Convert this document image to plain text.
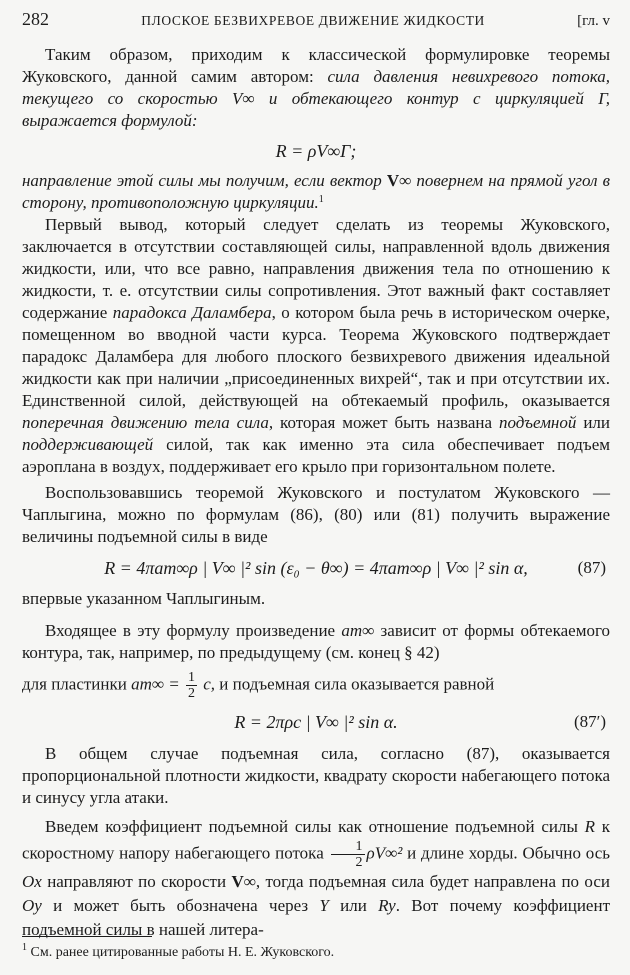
282	ПЛОСКОЕ БЕЗВИХРЕВОЕ ДВИЖЕНИЕ ЖИДКОСТИ	[гл. v

Таким образом, приходим к классической формулировке теоремы Жуковского, данной самим автором: сила давления невихревого потока, текущего со скоростью V∞ и обтекающего контур с циркуляцией Γ, выражается формулой:

R = ρV∞Γ;

направление этой силы мы получим, если вектор V∞ повернем на прямой угол в сторону, противоположную циркуляции.$^1$

Первый вывод, который следует сделать из теоремы Жуковского, заключается в отсутствии составляющей силы, направленной вдоль движения жидкости, или, что все равно, направления движения тела по отношению к жидкости, т. е. отсутствии силы сопротивления. Этот важный факт составляет содержание парадокса Даламбера, о котором была речь в историческом очерке, помещенном во вводной части курса. Теорема Жуковского подтверждает парадокс Даламбера для любого плоского безвихревого движения идеальной жидкости как при наличии „присоединенных вихрей“, так и при отсутствии их. Единственной силой, действующей на обтекаемый профиль, оказывается поперечная движению тела сила, которая может быть названа подъемной или поддерживающей силой, так как именно эта сила обеспечивает подъем аэроплана в воздух, поддерживает его крыло при горизонтальном полете.

Воспользовавшись теоремой Жуковского и постулатом Жуковского — Чаплыгина, можно по формулам (86), (80) или (81) получить выражение величины подъемной силы в виде

R = 4πam∞ρ | V∞ |² sin (ε₀ − θ∞) = 4πam∞ρ | V∞ |² sin α,	(87)

впервые указанном Чаплыгиным.

Входящее в эту формулу произведение am∞ зависит от формы обтекаемого контура, так, например, по предыдущему (см. конец § 42)

для пластинки $am\infty = \frac{1}{2} c$, и подъемная сила оказывается равной

R = 2πρc | V∞ |² sin α.	(87′)

В общем случае подъемная сила, согласно (87), оказывается пропорциональной плотности жидкости, квадрату скорости набегающего потока и синусу угла атаки.

Введем коэффициент подъемной силы как отношение подъемной силы R к скоростному напору набегающего потока $\frac{1}{2} \rho V\infty^2$ и длине хорды. Обычно ось Ox направляют по скорости V∞, тогда подъемная сила будет направлена по оси Oy и может быть обозначена через Y или Ry. Вот почему коэффициент подъемной силы в нашей литера-

$^1$ См. ранее цитированные работы Н. Е. Жуковского.
